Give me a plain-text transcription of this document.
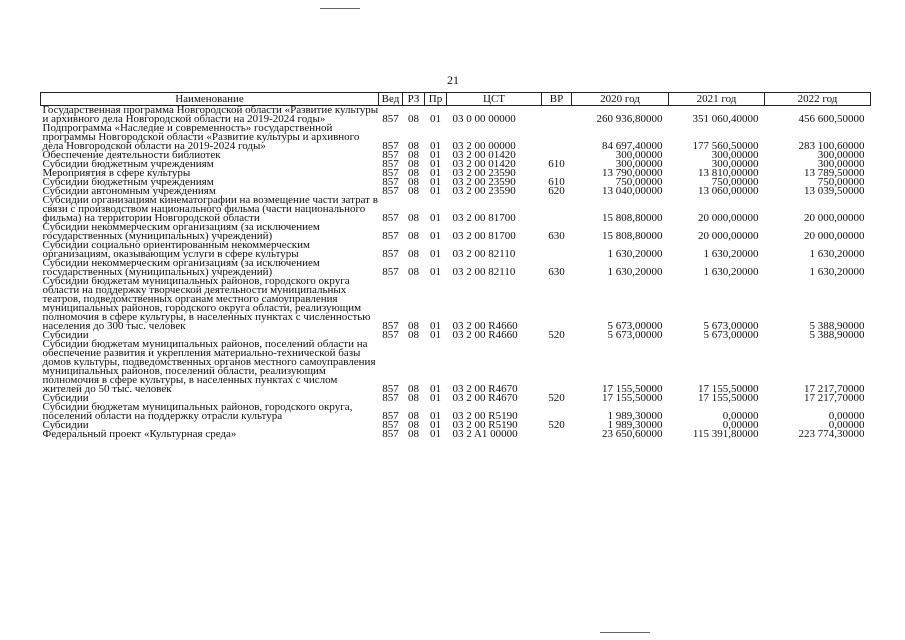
21
Наименование	Вед	РЗ	Пр	ЦСТ	ВР	2020 год	2021 год	2022 год
Государственная программа Новгородской области «Развитие культуры и архивного дела Новгородской области на 2019-2024 годы»	857	08	01	03 0 00 00000		260 936,80000	351 060,40000	456 600,50000
Подпрограмма «Наследие и современность» государственной программы Новгородской области «Развитие культуры и архивного дела Новгородской области на 2019-2024 годы»	857	08	01	03 2 00 00000		84 697,40000	177 560,50000	283 100,60000
Обеспечение деятельности библиотек	857	08	01	03 2 00 01420		300,00000	300,00000	300,00000
Субсидии бюджетным учреждениям	857	08	01	03 2 00 01420	610	300,00000	300,00000	300,00000
Мероприятия в сфере культуры	857	08	01	03 2 00 23590		13 790,00000	13 810,00000	13 789,50000
Субсидии бюджетным учреждениям	857	08	01	03 2 00 23590	610	750,00000	750,00000	750,00000
Субсидии автономным учреждениям	857	08	01	03 2 00 23590	620	13 040,00000	13 060,00000	13 039,50000
Субсидии организациям кинематографии на возмещение части затрат в связи с производством национального фильма (части национального фильма) на территории Новгородской области	857	08	01	03 2 00 81700		15 808,80000	20 000,00000	20 000,00000
Субсидии некоммерческим организациям (за исключением государственных (муниципальных) учреждений)	857	08	01	03 2 00 81700	630	15 808,80000	20 000,00000	20 000,00000
Субсидии социально ориентированным некоммерческим организациям, оказывающим услуги в сфере культуры	857	08	01	03 2 00 82110		1 630,20000	1 630,20000	1 630,20000
Субсидии некоммерческим организациям (за исключением государственных (муниципальных) учреждений)	857	08	01	03 2 00 82110	630	1 630,20000	1 630,20000	1 630,20000
Субсидии бюджетам муниципальных районов, городского округа области на поддержку творческой деятельности муниципальных театров, подведомственных органам местного самоуправления муниципальных районов, городского округа области, реализующим полномочия в сфере культуры, в населенных пунктах с численностью населения до 300 тыс. человек	857	08	01	03 2 00 R4660		5 673,00000	5 673,00000	5 388,90000
Субсидии	857	08	01	03 2 00 R4660	520	5 673,00000	5 673,00000	5 388,90000
Субсидии бюджетам муниципальных районов, поселений области на обеспечение развития и укрепления материально-технической базы домов культуры, подведомственных органов местного самоуправления муниципальных районов, поселений области, реализующим полномочия в сфере культуры, в населенных пунктах с числом жителей до 50 тыс. человек	857	08	01	03 2 00 R4670		17 155,50000	17 155,50000	17 217,70000
Субсидии	857	08	01	03 2 00 R4670	520	17 155,50000	17 155,50000	17 217,70000
Субсидии бюджетам муниципальных районов, городского округа, поселений области на поддержку отрасли культура	857	08	01	03 2 00 R5190		1 989,30000	0,00000	0,00000
Субсидии	857	08	01	03 2 00 R5190	520	1 989,30000	0,00000	0,00000
Федеральный проект «Культурная среда»	857	08	01	03 2 A1 00000		23 650,60000	115 391,80000	223 774,30000
